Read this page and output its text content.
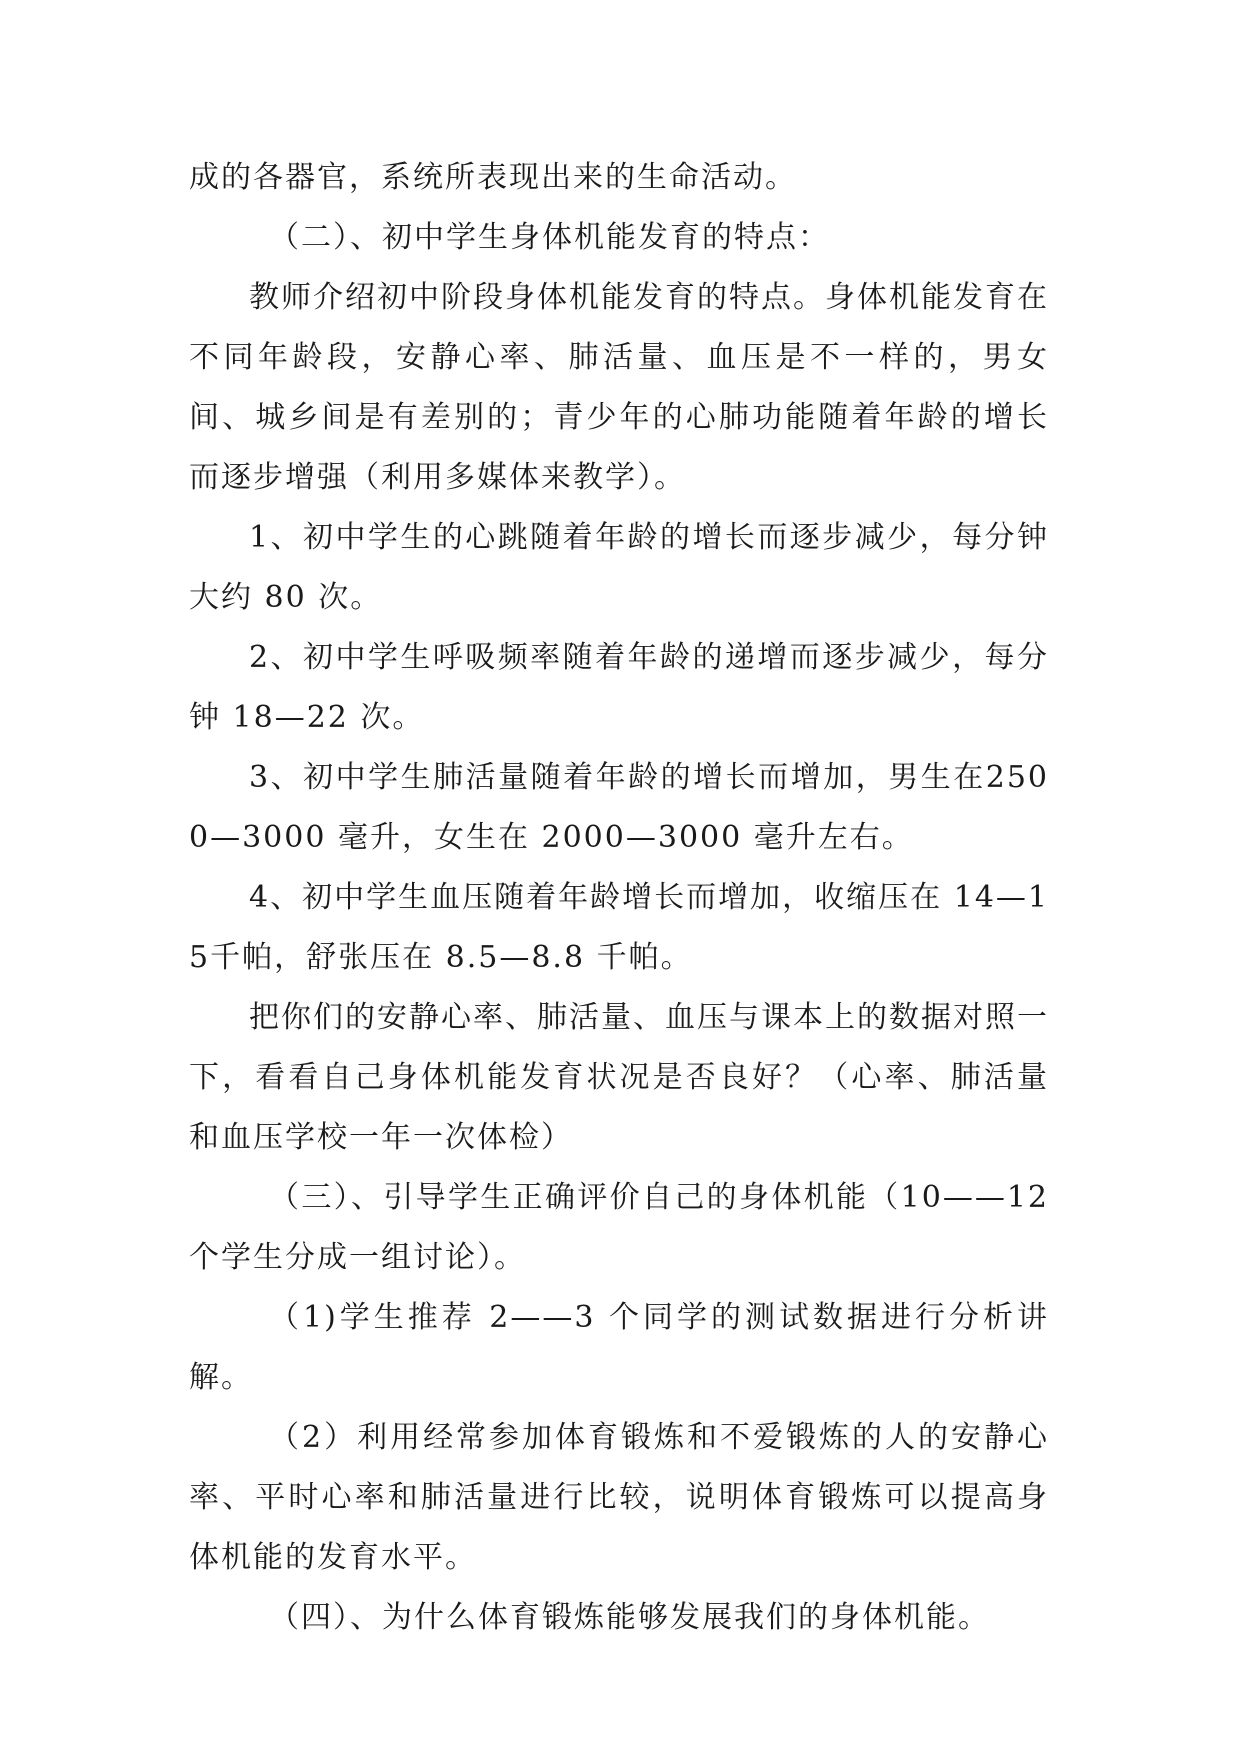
成的各器官，系统所表现出来的生命活动。

（二）、初中学生身体机能发育的特点：

教师介绍初中阶段身体机能发育的特点。身体机能发育在不同年龄段，安静心率、肺活量、血压是不一样的，男女间、城乡间是有差别的；青少年的心肺功能随着年龄的增长而逐步增强（利用多媒体来教学）。

1、初中学生的心跳随着年龄的增长而逐步减少，每分钟大约 80 次。

2、初中学生呼吸频率随着年龄的递增而逐步减少，每分钟 18—22 次。

3、初中学生肺活量随着年龄的增长而增加，男生在2500—3000 毫升，女生在 2000—3000 毫升左右。

4、初中学生血压随着年龄增长而增加，收缩压在 14—15千帕，舒张压在 8.5—8.8 千帕。

把你们的安静心率、肺活量、血压与课本上的数据对照一下，看看自己身体机能发育状况是否良好？（心率、肺活量和血压学校一年一次体检）

（三）、引导学生正确评价自己的身体机能（10——12个学生分成一组讨论）。

（1)学生推荐 2——3 个同学的测试数据进行分析讲解。

（2）利用经常参加体育锻炼和不爱锻炼的人的安静心率、平时心率和肺活量进行比较，说明体育锻炼可以提高身体机能的发育水平。

（四）、为什么体育锻炼能够发展我们的身体机能。
